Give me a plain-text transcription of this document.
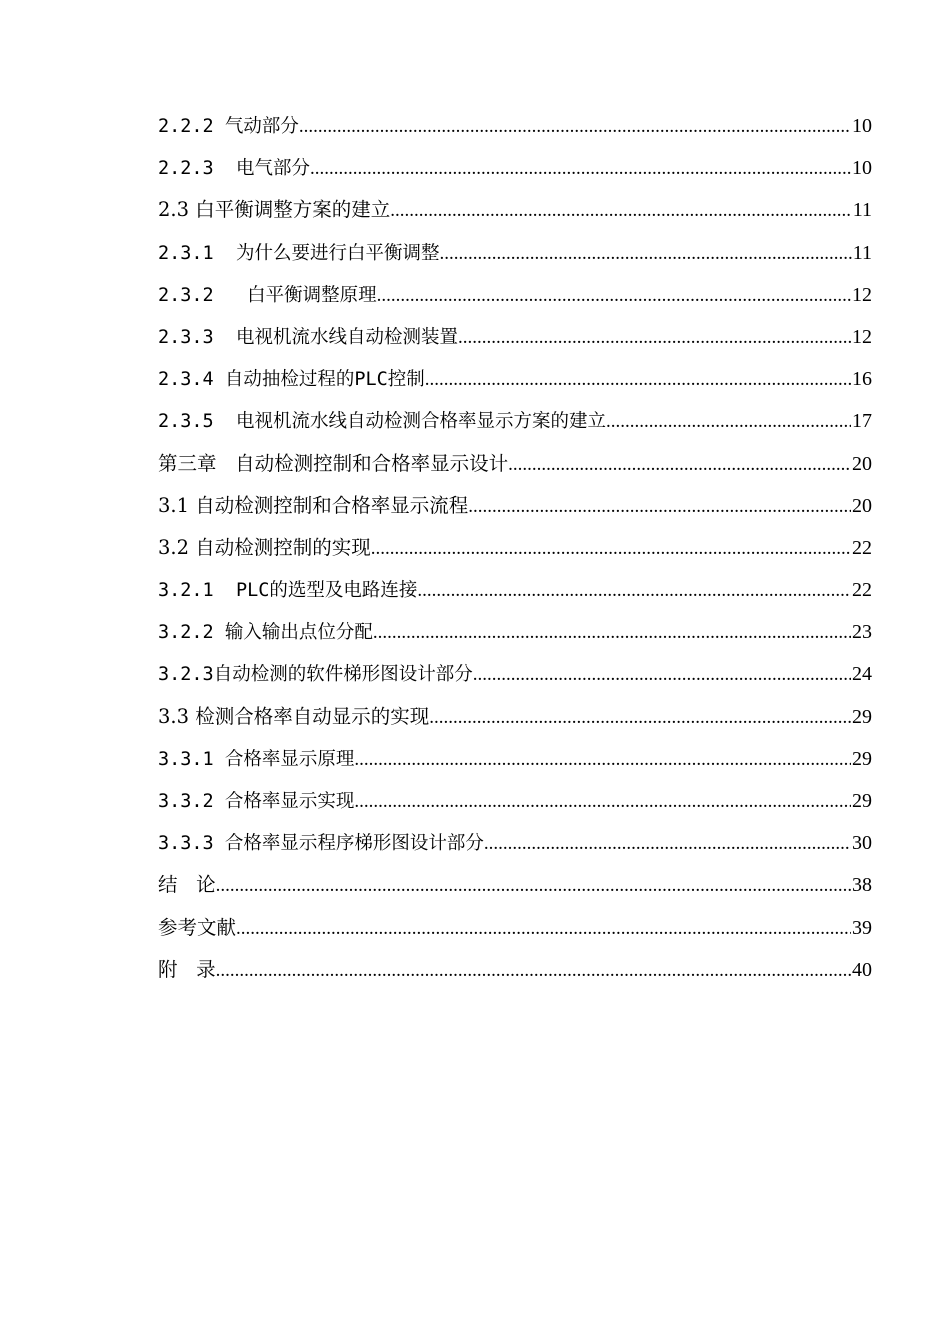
2.2.2 气动部分 .....	10
2.2.3  电气部分 .....	10
2.3 白平衡调整方案的建立 .....	11
2.3.1  为什么要进行白平衡调整 .....	11
2.3.2   白平衡调整原理 .....	12
2.3.3  电视机流水线自动检测装置 .....	12
2.3.4 自动抽检过程的PLC控制 .....	16
2.3.5  电视机流水线自动检测合格率显示方案的建立 .....	17
第三章   自动检测控制和合格率显示设计 .....	20
3.1 自动检测控制和合格率显示流程 .....	20
3.2 自动检测控制的实现 .....	22
3.2.1  PLC的选型及电路连接 .....	22
3.2.2 输入输出点位分配 .....	23
3.2.3自动检测的软件梯形图设计部分 .....	24
3.3 检测合格率自动显示的实现 .....	29
3.3.1 合格率显示原理 .....	29
3.3.2 合格率显示实现 .....	29
3.3.3 合格率显示程序梯形图设计部分 .....	30
结   论 .....	38
参考文献 .....	39
附   录 .....	40
